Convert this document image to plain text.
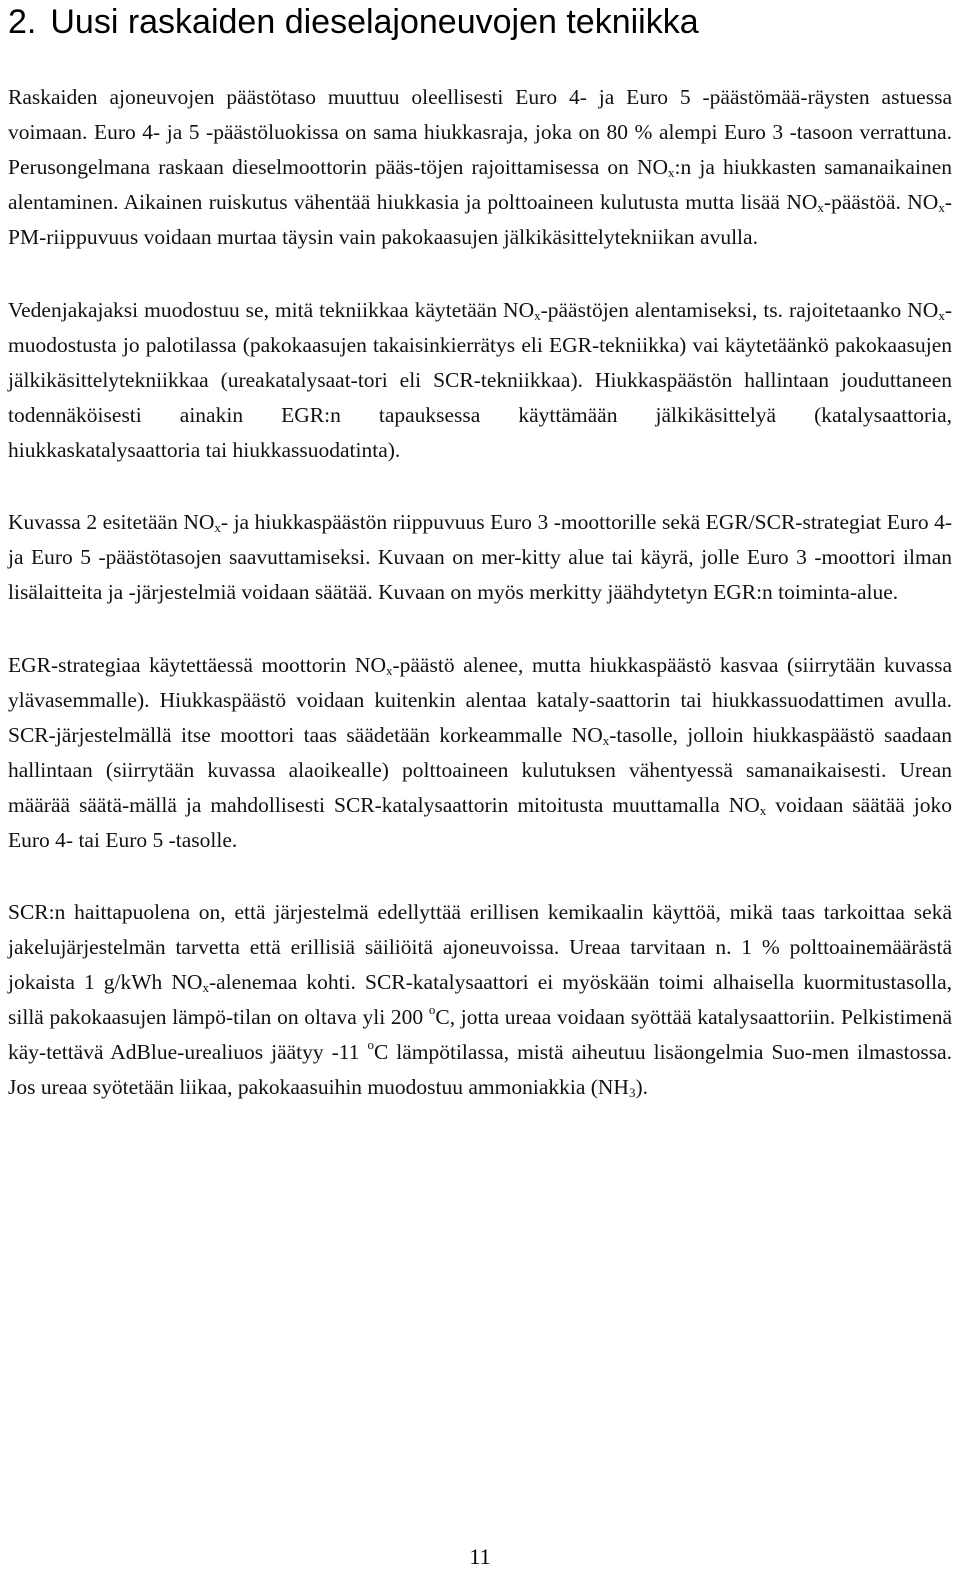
2. Uusi raskaiden dieselajoneuvojen tekniikka

Raskaiden ajoneuvojen päästötaso muuttuu oleellisesti Euro 4- ja Euro 5 -päästömää-räysten astuessa voimaan. Euro 4- ja 5 -päästöluokissa on sama hiukkasraja, joka on 80 % alempi Euro 3 -tasoon verrattuna. Perusongelmana raskaan dieselmoottorin pääs-töjen rajoittamisessa on $NO_x:n$ ja hiukkasten samanaikainen alentaminen. Aikainen ruiskutus vähentää hiukkasia ja polttoaineen kulutusta mutta lisää $NO_x$-päästöä. $NO_x-PM$-riippuvuus voidaan murtaa täysin vain pakokaasujen jälkikäsittelytekniikan avulla.

Vedenjakajaksi muodostuu se, mitä tekniikkaa käytetään $NO_x$-päästöjen alentamiseksi, ts. rajoitetaanko $NO_x$-muodostusta jo palotilassa (pakokaasujen takaisinkierrätys eli EGR-tekniikka) vai käytetäänkö pakokaasujen jälkikäsittelytekniikkaa (ureakatalysaat-tori eli SCR-tekniikkaa). Hiukkaspäästön hallintaan jouduttaneen todennäköisesti ainakin EGR:n tapauksessa käyttämään jälkikäsittelyä (katalysaattoria, hiukkaskatalysaattoria tai hiukkassuodatinta).

Kuvassa 2 esitetään $NO_x-$ ja hiukkaspäästön riippuvuus Euro 3 -moottorille sekä EGR/SCR-strategiat Euro 4- ja Euro 5 -päästötasojen saavuttamiseksi. Kuvaan on mer-kitty alue tai käyrä, jolle Euro 3 -moottori ilman lisälaitteita ja -järjestelmiä voidaan säätää. Kuvaan on myös merkitty jäähdytetyn EGR:n toiminta-alue.

EGR-strategiaa käytettäessä moottorin $NO_x$-päästö alenee, mutta hiukkaspäästö kasvaa (siirrytään kuvassa ylävasemmalle). Hiukkaspäästö voidaan kuitenkin alentaa kataly-saattorin tai hiukkassuodattimen avulla. SCR-järjestelmällä itse moottori taas säädetään korkeammalle $NO_x$-tasolle, jolloin hiukkaspäästö saadaan hallintaan (siirrytään kuvassa alaoikealle) polttoaineen kulutuksen vähentyessä samanaikaisesti. Urean määrää säätä-mällä ja mahdollisesti SCR-katalysaattorin mitoitusta muuttamalla $NO_x$ voidaan säätää joko Euro 4- tai Euro 5 -tasolle.

SCR:n haittapuolena on, että järjestelmä edellyttää erillisen kemikaalin käyttöä, mikä taas tarkoittaa sekä jakelujärjestelmän tarvetta että erillisiä säiliöitä ajoneuvoissa. Ureaa tarvitaan n. 1 % polttoainemäärästä jokaista 1 g/kWh $NO_x$-alenemaa kohti. SCR-katalysaattori ei myöskään toimi alhaisella kuormitustasolla, sillä pakokaasujen lämpö-tilan on oltava yli 200 $^o$C, jotta ureaa voidaan syöttää katalysaattoriin. Pelkistimenä käy-tettävä AdBlue-urealiuos jäätyy -11 $^o$C lämpötilassa, mistä aiheutuu lisäongelmia Suo-men ilmastossa. Jos ureaa syötetään liikaa, pakokaasuihin muodostuu ammoniakkia $(NH_3)$.

11
